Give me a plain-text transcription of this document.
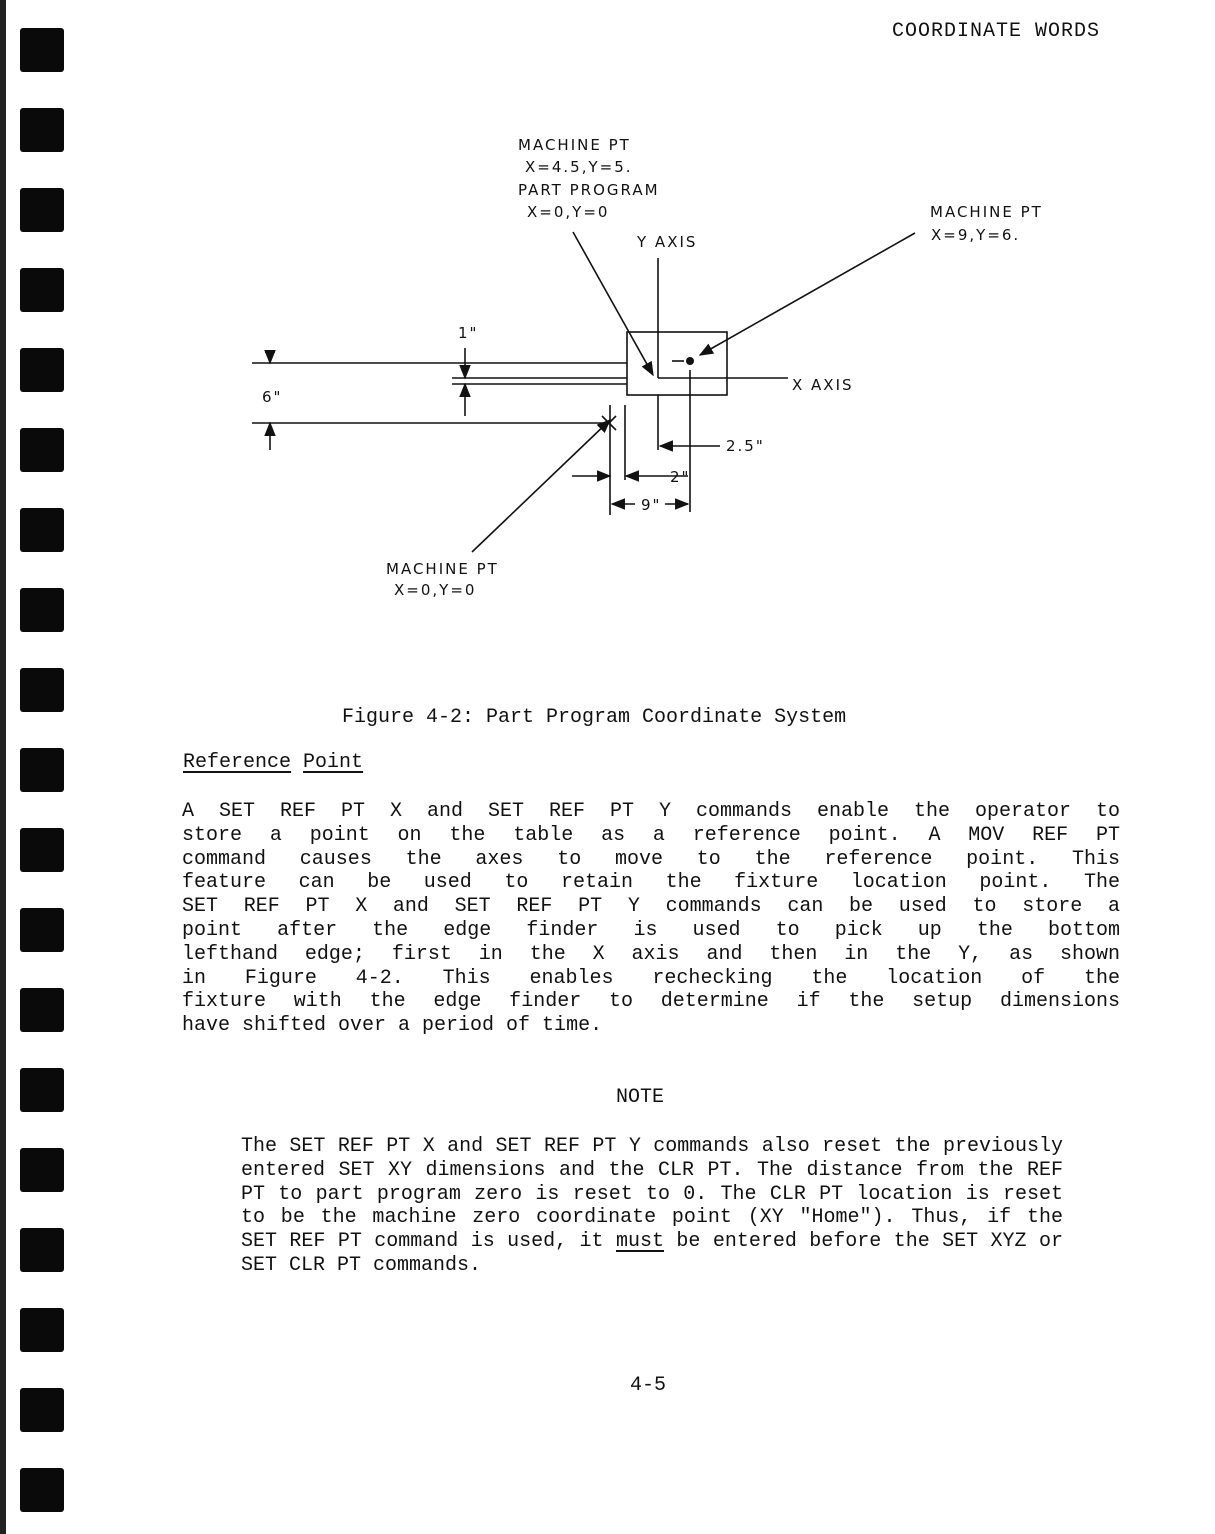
COORDINATE WORDS
MACHINE PT
X=4.5,Y=5.
PART PROGRAM
X=0,Y=0
Y AXIS
MACHINE PT
X=9,Y=6.
X AXIS
1"
6"
2.5"
2"
9"
MACHINE PT
X=0,Y=0
Figure 4-2: Part Program Coordinate System
Reference Point
A SET REF PT X and SET REF PT Y commands enable the operator to
store a point on the table as a reference point. A MOV REF PT
command causes the axes to move to the reference point. This
feature can be used to retain the fixture location point. The
SET REF PT X and SET REF PT Y commands can be used to store a
point after the edge finder is used to pick up the bottom
lefthand edge; first in the X axis and then in the Y, as shown
in Figure 4-2. This enables rechecking the location of the
fixture with the edge finder to determine if the setup dimensions
have shifted over a period of time.
NOTE
The SET REF PT X and SET REF PT Y commands also reset the previously entered SET XY dimensions and the CLR PT. The distance from the REF PT to part program zero is reset to 0. The CLR PT location is reset to be the machine zero coordinate point (XY "Home"). Thus, if the SET REF PT command is used, it must be entered before the SET XYZ or SET CLR PT commands.
4-5
